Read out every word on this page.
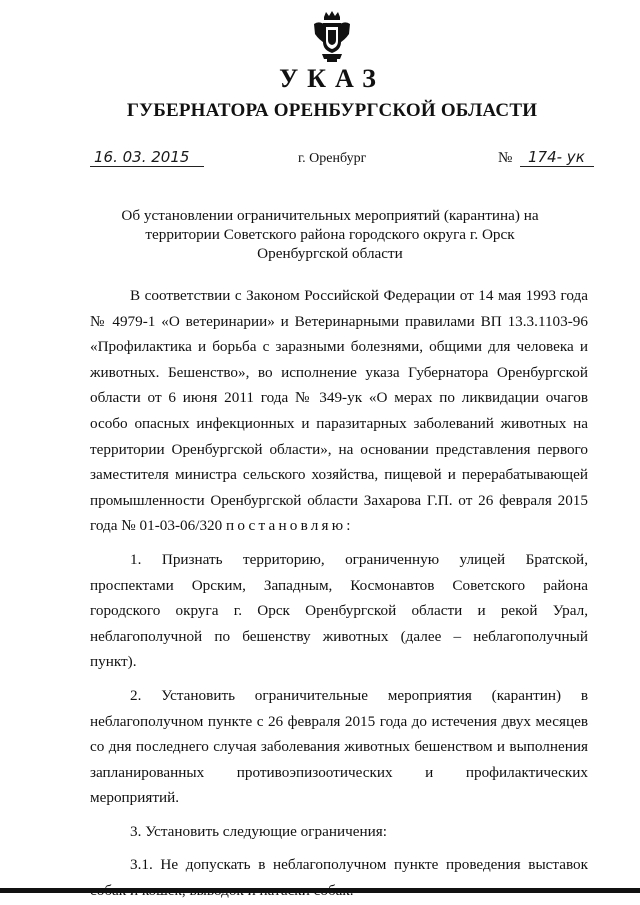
УКАЗ
ГУБЕРНАТОРА ОРЕНБУРГСКОЙ ОБЛАСТИ
16. 03. 2015	г. Оренбург	№	174- ук
Об установлении ограничительных мероприятий (карантина) на территории Советского района городского округа г. Орск Оренбургской области

В соответствии с Законом Российской Федерации от 14 мая 1993 года № 4979-1 «О ветеринарии» и Ветеринарными правилами ВП 13.3.1103-96 «Профилактика и борьба с заразными болезнями, общими для человека и животных. Бешенство», во исполнение указа Губернатора Оренбургской области от 6 июня 2011 года № 349-ук «О мерах по ликвидации очагов особо опасных инфекционных и паразитарных заболеваний животных на территории Оренбургской области», на основании представления первого заместителя министра сельского хозяйства, пищевой и перерабатывающей промышленности Оренбургской области Захарова Г.П. от 26 февраля 2015 года № 01-03-06/320 постановляю:

1. Признать территорию, ограниченную улицей Братской, проспектами Орским, Западным, Космонавтов Советского района городского округа г. Орск Оренбургской области и рекой Урал, неблагополучной по бешенству животных (далее – неблагополучный пункт).

2. Установить ограничительные мероприятия (карантин) в неблагополучном пункте с 26 февраля 2015 года до истечения двух месяцев со дня последнего случая заболевания животных бешенством и выполнения запланированных противоэпизоотических и профилактических мероприятий.

3. Установить следующие ограничения:

3.1. Не допускать в неблагополучном пункте проведения выставок
